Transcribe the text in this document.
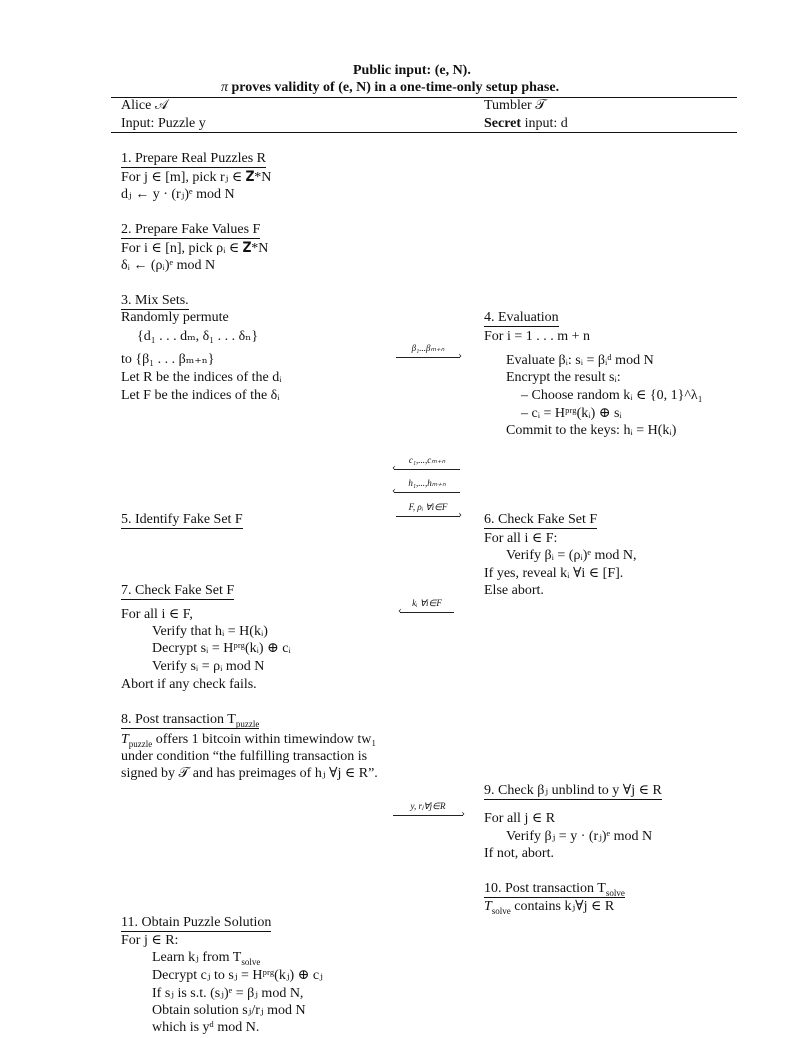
Public input: (e, N).
π proves validity of (e, N) in a one-time-only setup phase.
Alice 𝒜
Input: Puzzle y
Tumbler 𝒯
Secret input: d
1. Prepare Real Puzzles R
For j ∈ [m], pick rⱼ ∈ 𝐙*N
dⱼ ← y · (rⱼ)ᵉ mod N
2. Prepare Fake Values F
For i ∈ [n], pick ρᵢ ∈ 𝐙*N
δᵢ ← (ρᵢ)ᵉ mod N
3. Mix Sets.
Randomly permute
{d₁ . . . dₘ, δ₁ . . . δₙ}
to {β₁ . . . βₘ₊ₙ}
Let R be the indices of the dᵢ
Let F be the indices of the δᵢ
5. Identify Fake Set F
7. Check Fake Set F
For all i ∈ F,
Verify that hᵢ = H(kᵢ)
Decrypt sᵢ = Hᵖʳᵍ(kᵢ) ⊕ cᵢ
Verify sᵢ = ρᵢ mod N
Abort if any check fails.
8. Post transaction $T_{puzzle}$
$T_{puzzle}$ offers 1 bitcoin within timewindow tw₁
under condition “the fulfilling transaction is
signed by 𝒯 and has preimages of hⱼ ∀j ∈ R”.
11. Obtain Puzzle Solution
For j ∈ R:
Learn kⱼ from $T_{solve}$
Decrypt cⱼ to sⱼ = Hᵖʳᵍ(kⱼ) ⊕ cⱼ
If sⱼ is s.t. (sⱼ)ᵉ = βⱼ mod N,
Obtain solution sⱼ/rⱼ mod N
which is yᵈ mod N.
4. Evaluation
For i = 1 . . . m + n
Evaluate βᵢ: sᵢ = βᵢᵈ mod N
Encrypt the result sᵢ:
– Choose random kᵢ ∈ {0, 1}^λ₁
– cᵢ = Hᵖʳᵍ(kᵢ) ⊕ sᵢ
Commit to the keys: hᵢ = H(kᵢ)
6. Check Fake Set F
For all i ∈ F:
Verify βᵢ = (ρᵢ)ᵉ mod N,
If yes, reveal kᵢ ∀i ∈ [F].
Else abort.
9. Check βⱼ unblind to y ∀j ∈ R
For all j ∈ R
Verify βⱼ = y · (rⱼ)ᵉ mod N
If not, abort.
10. Post transaction $T_{solve}$
$T_{solve}$ contains kⱼ∀j ∈ R
β₁...βₘ₊ₙ
›
c₁,...,cₘ₊ₙ
‹
h₁,...,hₘ₊ₙ
‹
F, ρᵢ ∀i∈F
›
kᵢ ∀i∈F
‹
y, rⱼ∀j∈R
›
